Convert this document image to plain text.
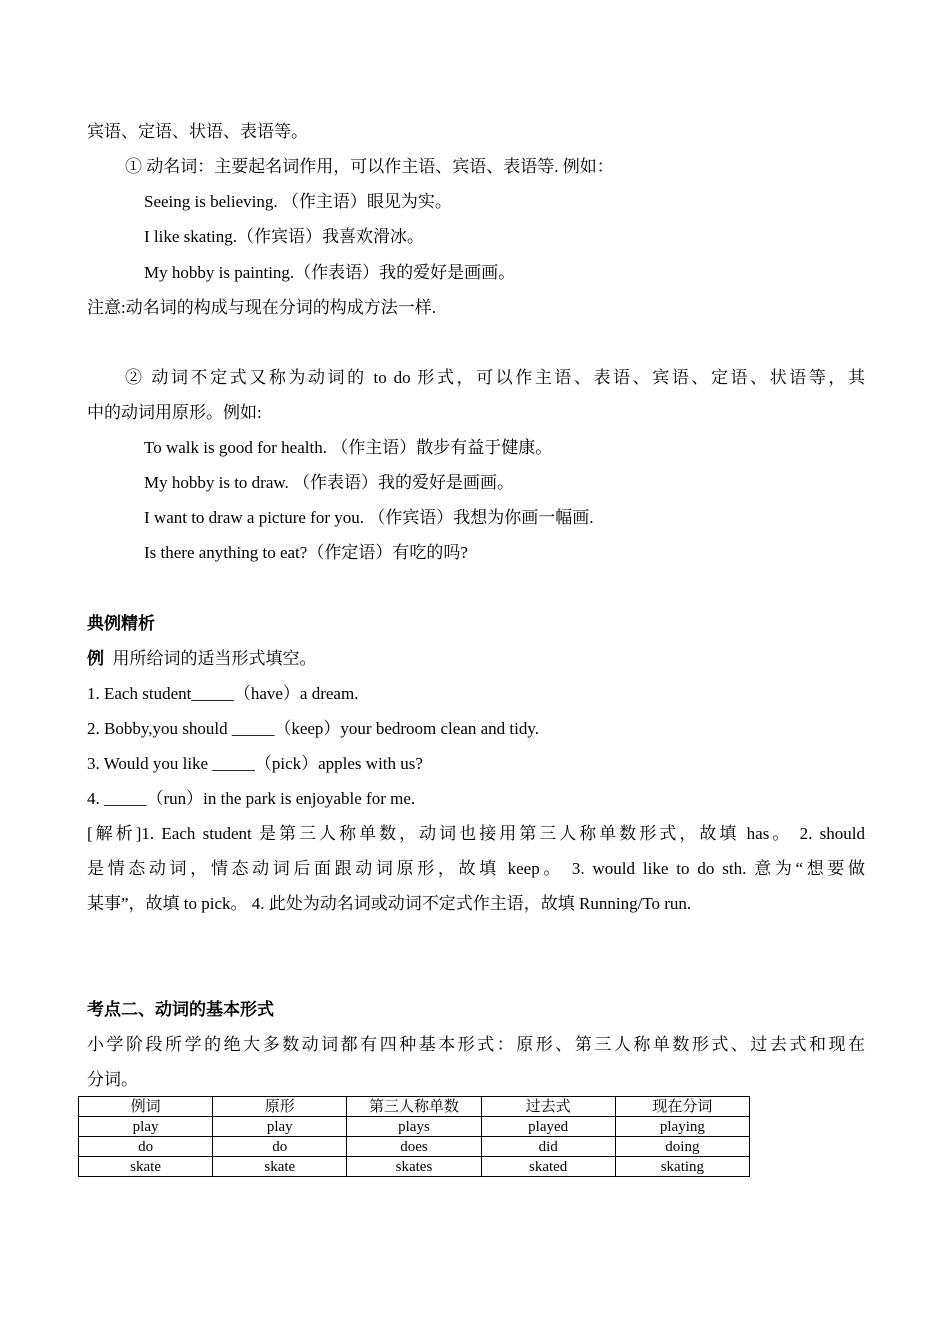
宾语、定语、状语、表语等。
① 动名词：主要起名词作用，可以作主语、宾语、表语等. 例如：
Seeing is believing. （作主语）眼见为实。
I like skating.（作宾语）我喜欢滑冰。
My hobby is painting.（作表语）我的爱好是画画。
注意:动名词的构成与现在分词的构成方法一样.
② 动词不定式又称为动词的 to do 形式，可以作主语、表语、宾语、定语、状语等，其
中的动词用原形。例如:
To walk is good for health. （作主语）散步有益于健康。
My hobby is to draw. （作表语）我的爱好是画画。
I want to draw a picture for you. （作宾语）我想为你画一幅画.
Is there anything to eat?（作定语）有吃的吗?
典例精析
例 用所给词的适当形式填空。
1. Each student_____（have）a dream.
2. Bobby,you should _____（keep）your bedroom clean and tidy.
3. Would you like _____（pick）apples with us?
4. _____（run）in the park is enjoyable for me.
[解析]1. Each student 是第三人称单数，动词也接用第三人称单数形式，故填 has。 2. should
是情态动词，情态动词后面跟动词原形，故填 keep。 3. would like to do sth. 意为“想要做
某事”，故填 to pick。 4. 此处为动名词或动词不定式作主语，故填 Running/To run.
考点二、动词的基本形式
小学阶段所学的绝大多数动词都有四种基本形式：原形、第三人称单数形式、过去式和现在
分词。
例词	原形	第三人称单数	过去式	现在分词
play	play	plays	played	playing
do	do	does	did	doing
skate	skate	skates	skated	skating
